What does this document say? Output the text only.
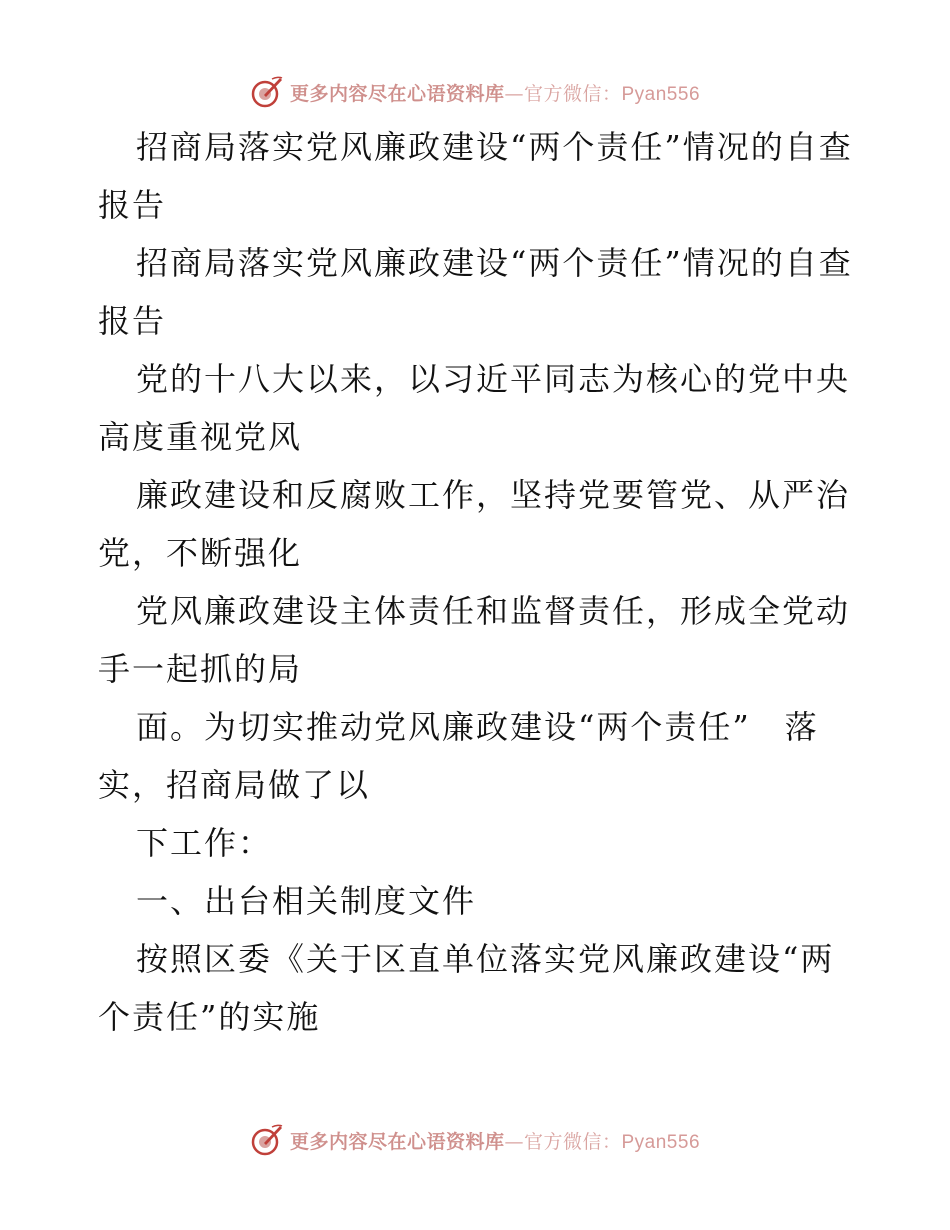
更多内容尽在心语资料库—官方微信：Pyan556

招商局落实党风廉政建设“两个责任”情况的自查报告

招商局落实党风廉政建设“两个责任”情况的自查报告

党的十八大以来，以习近平同志为核心的党中央高度重视党风

廉政建设和反腐败工作，坚持党要管党、从严治党，不断强化

党风廉政建设主体责任和监督责任，形成全党动手一起抓的局

面。为切实推动党风廉政建设“两个责任”　落实，招商局做了以

下工作：

一、出台相关制度文件

按照区委《关于区直单位落实党风廉政建设“两个责任”的实施

更多内容尽在心语资料库—官方微信：Pyan556
